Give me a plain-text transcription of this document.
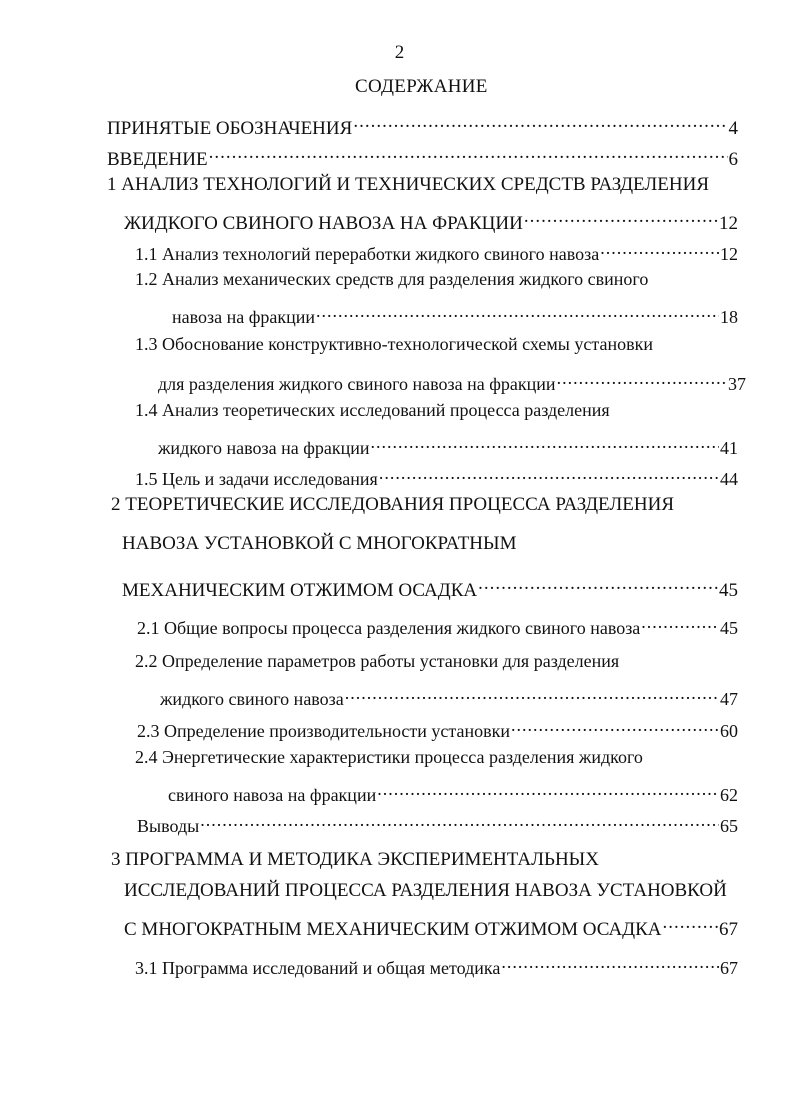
2
СОДЕРЖАНИЕ
ПРИНЯТЫЕ ОБОЗНАЧЕНИЯ .....	4
ВВЕДЕНИЕ .....	6
1 АНАЛИЗ ТЕХНОЛОГИЙ И ТЕХНИЧЕСКИХ СРЕДСТВ РАЗДЕЛЕНИЯ
ЖИДКОГО СВИНОГО НАВОЗА НА ФРАКЦИИ .....	12
1.1 Анализ технологий переработки жидкого свиного навоза .....	12
1.2 Анализ механических средств для разделения жидкого свиного
навоза на фракции .....	18
1.3 Обоснование конструктивно-технологической схемы установки
для разделения жидкого свиного навоза на фракции .....	37
1.4 Анализ теоретических исследований процесса разделения
жидкого навоза на фракции .....	41
1.5 Цель и задачи исследования .....	44
2 ТЕОРЕТИЧЕСКИЕ ИССЛЕДОВАНИЯ ПРОЦЕССА РАЗДЕЛЕНИЯ
НАВОЗА УСТАНОВКОЙ С МНОГОКРАТНЫМ
МЕХАНИЧЕСКИМ ОТЖИМОМ ОСАДКА .....	45
2.1 Общие вопросы процесса разделения жидкого свиного навоза .....	45
2.2 Определение параметров работы установки для разделения
жидкого свиного навоза .....	47
2.3 Определение производительности установки .....	60
2.4 Энергетические характеристики процесса разделения жидкого
свиного навоза на фракции .....	62
Выводы .....	65
3 ПРОГРАММА И МЕТОДИКА ЭКСПЕРИМЕНТАЛЬНЫХ
ИССЛЕДОВАНИЙ ПРОЦЕССА РАЗДЕЛЕНИЯ НАВОЗА УСТАНОВКОЙ
С МНОГОКРАТНЫМ МЕХАНИЧЕСКИМ ОТЖИМОМ ОСАДКА .....	67
3.1 Программа исследований и общая методика .....	67
